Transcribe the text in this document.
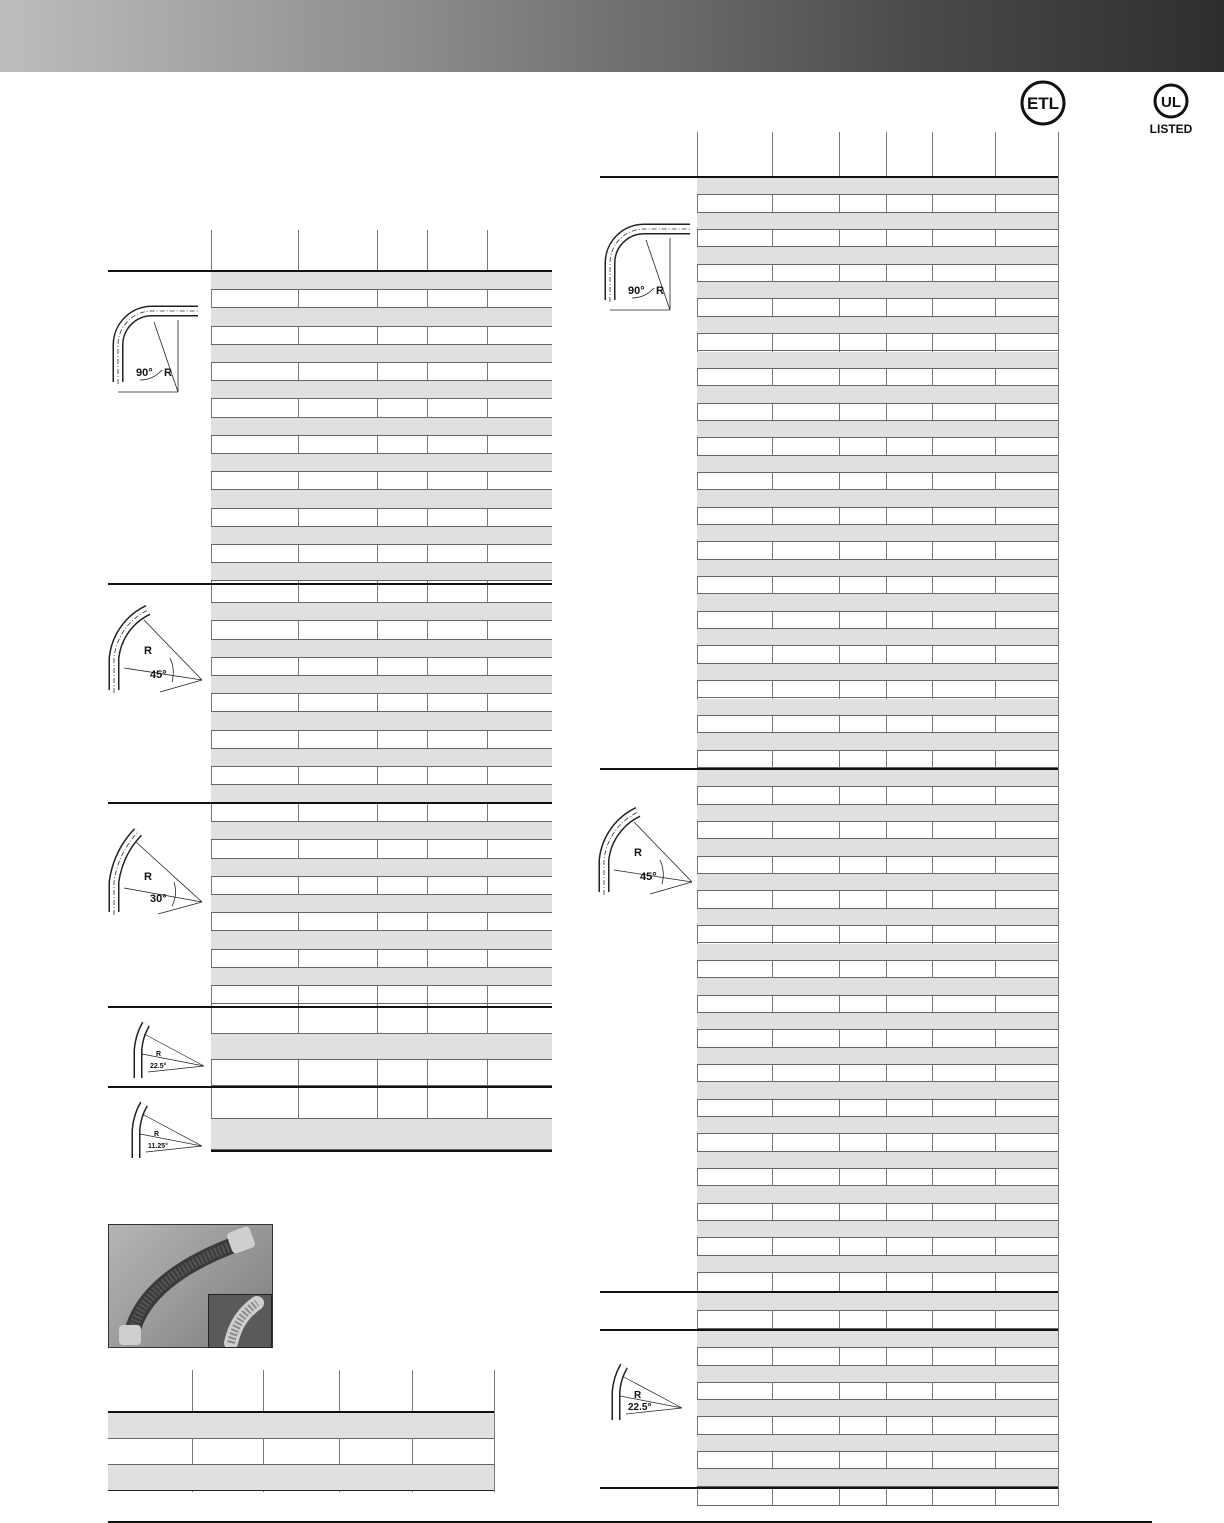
ETL	UL
LISTED
90° R
R
45°
R
30°
R
22.5°
R
11.25°
90° R
R
45°
R
22.5°
